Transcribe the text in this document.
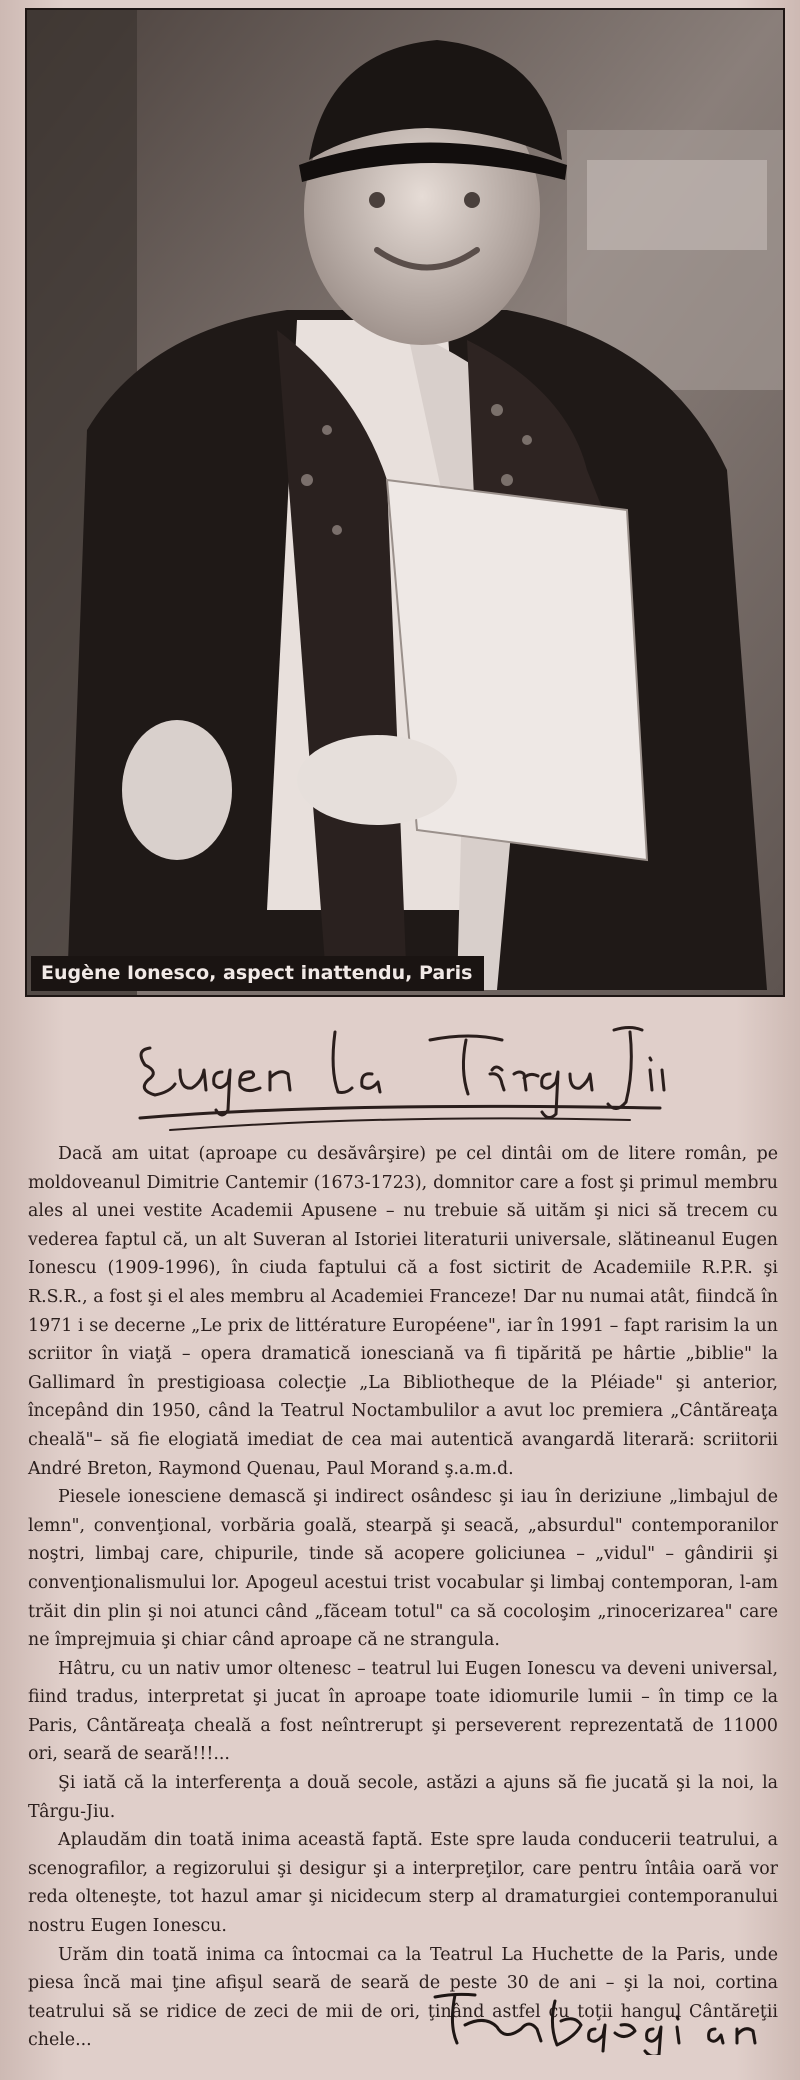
Eugène Ionesco, aspect inattendu, Paris

Dacă am uitat (aproape cu desăvârşire) pe cel dintâi om de litere român, pe moldoveanul Dimitrie Cantemir (1673-1723), domnitor care a fost şi primul membru ales al unei vestite Academii Apusene – nu trebuie să uităm şi nici să trecem cu vederea faptul că, un alt Suveran al Istoriei literaturii universale, slătineanul Eugen Ionescu (1909-1996), în ciuda faptului că a fost sictirit de Academiile R.P.R. şi R.S.R., a fost şi el ales membru al Academiei Franceze! Dar nu numai atât, fiindcă în 1971 i se decerne „Le prix de littérature Européene", iar în 1991 – fapt rarisim la un scriitor în viaţă – opera dramatică ionesciană va fi tipărită pe hârtie „biblie" la Gallimard în prestigioasa colecţie „La Bibliotheque de la Pléiade" şi anterior, începând din 1950, când la Teatrul Noctambulilor a avut loc premiera „Cântăreaţa cheală"– să fie elogiată imediat de cea mai autentică avangardă literară: scriitorii André Breton, Raymond Quenau, Paul Morand ş.a.m.d.

Piesele ionesciene demască şi indirect osândesc şi iau în deriziune „limbajul de lemn", convenţional, vorbăria goală, stearpă şi seacă, „absurdul" contemporanilor noştri, limbaj care, chipurile, tinde să acopere goliciunea – „vidul" – gândirii şi convenţionalismului lor. Apogeul acestui trist vocabular şi limbaj contemporan, l-am trăit din plin şi noi atunci când „făceam totul" ca să cocoloşim „rinocerizarea" care ne împrejmuia şi chiar când aproape că ne strangula.

Hâtru, cu un nativ umor oltenesc – teatrul lui Eugen Ionescu va deveni universal, fiind tradus, interpretat şi jucat în aproape toate idiomurile lumii – în timp ce la Paris, Cântăreaţa cheală a fost neîntrerupt şi perseverent reprezentată de 11000 ori, seară de seară!!!...

Şi iată că la interferenţa a două secole, astăzi a ajuns să fie jucată şi la noi, la Târgu-Jiu.

Aplaudăm din toată inima această faptă. Este spre lauda conducerii teatrului, a scenografilor, a regizorului şi desigur şi a interpreţilor, care pentru întâia oară vor reda olteneşte, tot hazul amar şi nicidecum sterp al dramaturgiei contemporanului nostru Eugen Ionescu.

Urăm din toată inima ca întocmai ca la Teatrul La Huchette de la Paris, unde piesa încă mai ţine afişul seară de seară de peste 30 de ani – şi la noi, cortina teatrului să se ridice de zeci de mii de ori, ţinând astfel cu toţii hangul Cântăreţii chele...
